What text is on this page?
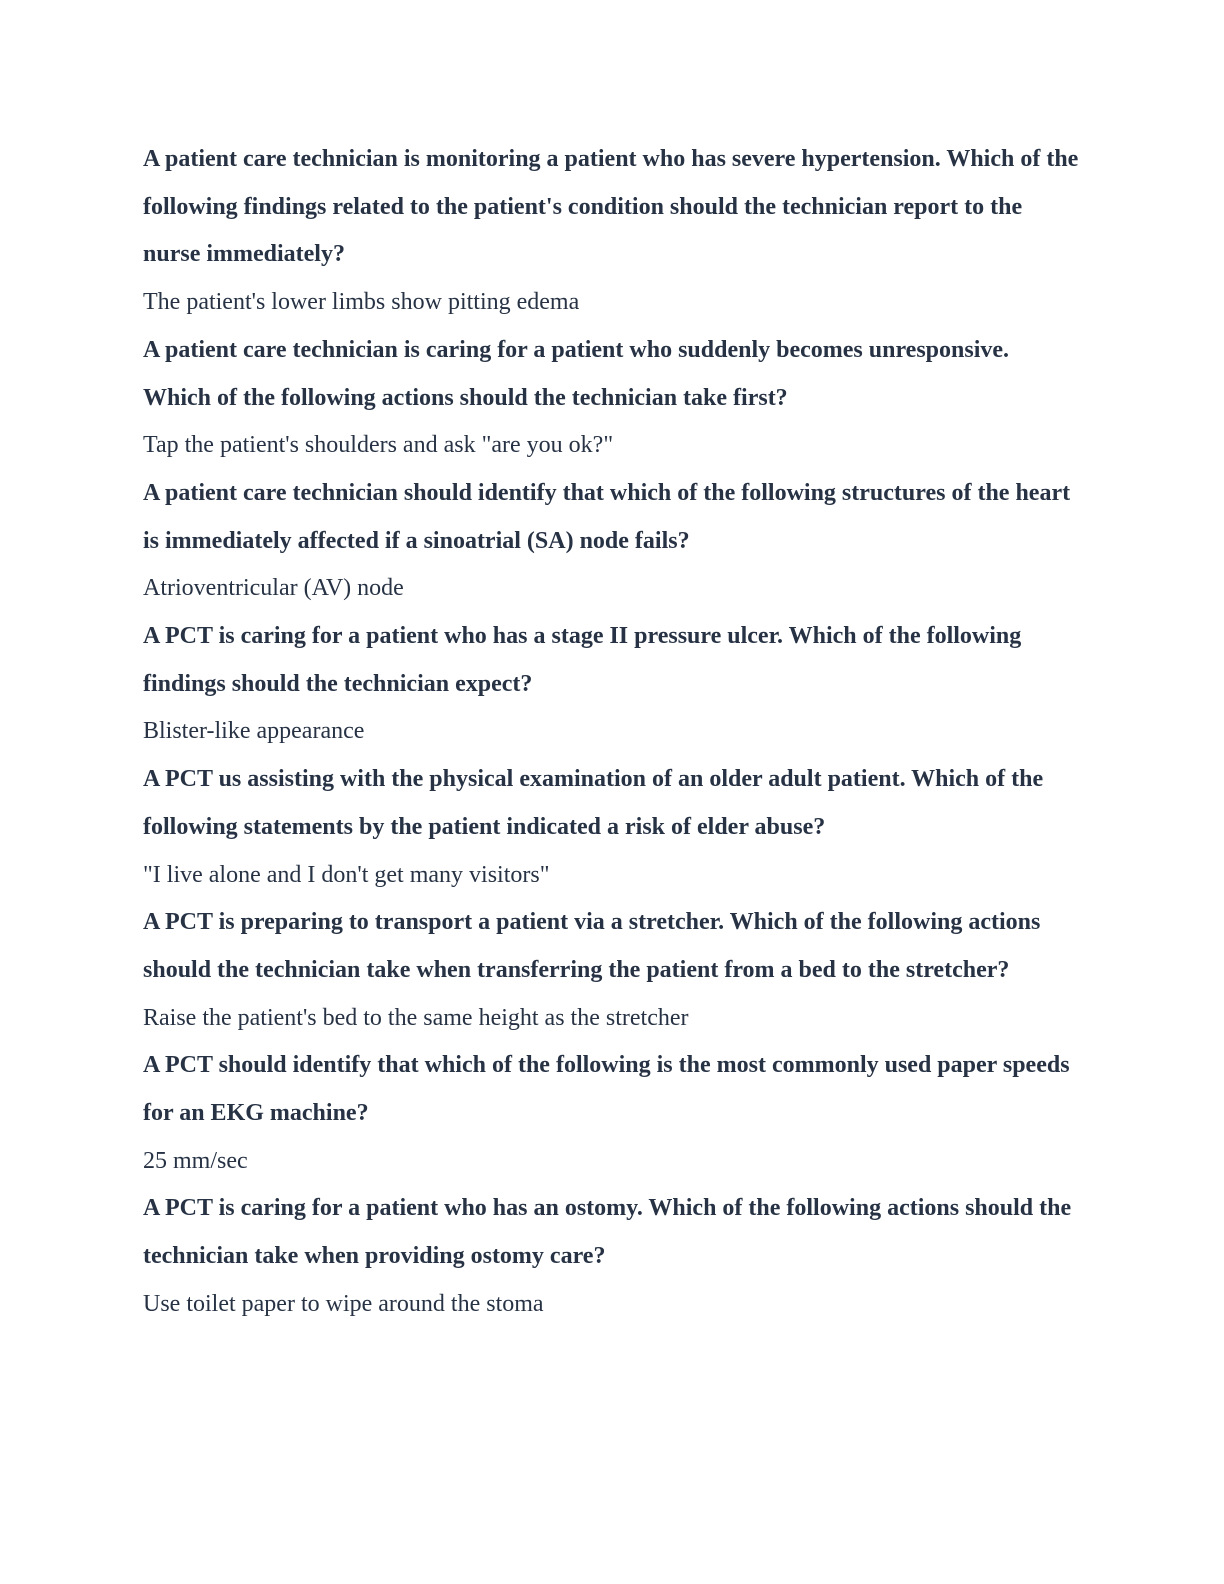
A patient care technician is monitoring a patient who has severe hypertension. Which of the following findings related to the patient's condition should the technician report to the nurse immediately?

The patient's lower limbs show pitting edema

A patient care technician is caring for a patient who suddenly becomes unresponsive. Which of the following actions should the technician take first?

Tap the patient's shoulders and ask "are you ok?"

A patient care technician should identify that which of the following structures of the heart is immediately affected if a sinoatrial (SA) node fails?

Atrioventricular (AV) node

A PCT is caring for a patient who has a stage II pressure ulcer. Which of the following findings should the technician expect?

Blister-like appearance

A PCT us assisting with the physical examination of an older adult patient. Which of the following statements by the patient indicated a risk of elder abuse?

"I live alone and I don't get many visitors"

A PCT is preparing to transport a patient via a stretcher. Which of the following actions should the technician take when transferring the patient from a bed to the stretcher?

Raise the patient's bed to the same height as the stretcher

A PCT should identify that which of the following is the most commonly used paper speeds for an EKG machine?

25 mm/sec

A PCT is caring for a patient who has an ostomy. Which of the following actions should the technician take when providing ostomy care?

Use toilet paper to wipe around the stoma
